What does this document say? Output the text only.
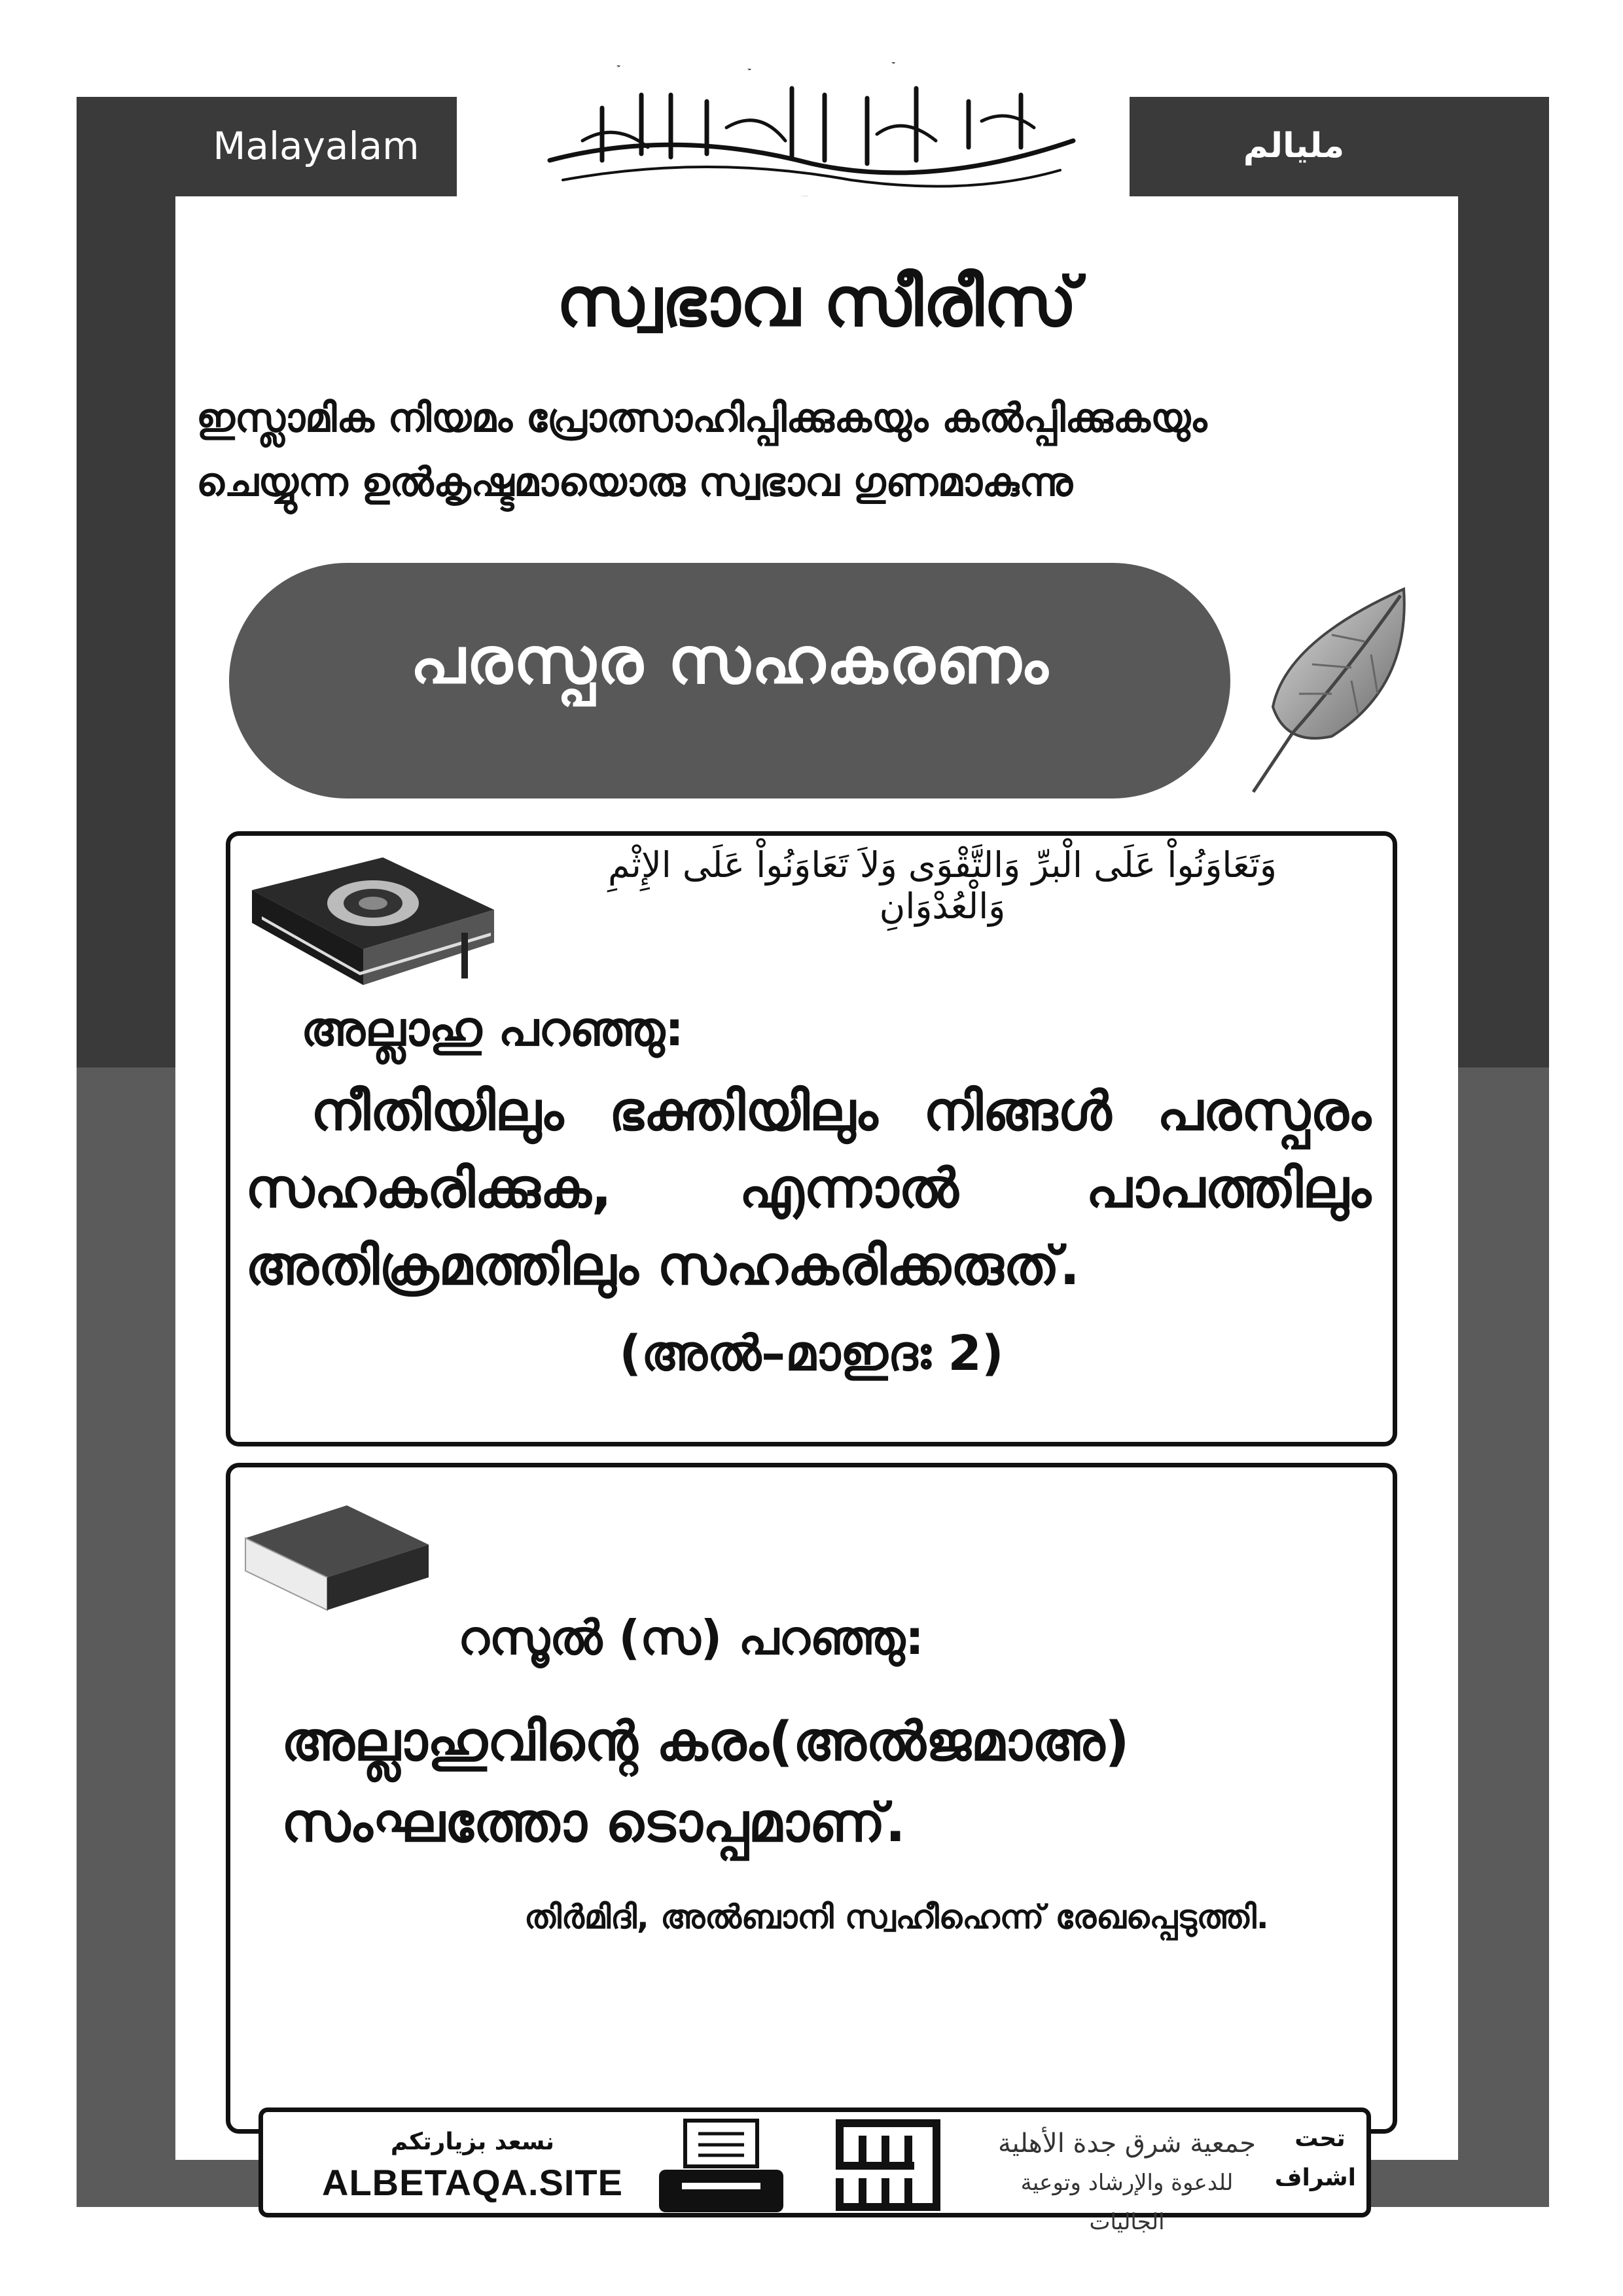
Malayalam	مليالم
بسم الله الرحمن الرحيم
സ്വഭാവ സീരീസ്
ഇസ്ലാമിക നിയമം പ്രോത്സാഹിപ്പിക്കുകയും കൽപ്പിക്കുകയും
ചെയ്യുന്ന ഉൽകൃഷ്ടമായൊരു സ്വഭാവ ഗുണമാകുന്നു
പരസ്പര സഹകരണം
وَتَعَاوَنُواْ عَلَى الْبرِّ وَالتَّقْوَى وَلاَ تَعَاوَنُواْ عَلَى الإِثْمِ وَالْعُدْوَانِ
അല്ലാഹു പറഞ്ഞു:
നീതിയിലും ഭക്തിയിലും നിങ്ങൾ പരസ്പരം സഹകരിക്കുക, എന്നാൽ പാപത്തിലും അതിക്രമത്തിലും സഹകരിക്കരുത്.
(അൽ–മാഇദഃ 2)
റസൂൽ (സ) പറഞ്ഞു:
അല്ലാഹുവിന്റെ കരം(അൽജമാഅ)
സംഘത്തോ ടൊപ്പമാണ്.
തിർമിദി, അൽബാനി സ്വഹീഹെന്ന് രേഖപ്പെടുത്തി.
نسعد بزيارتكم
ALBETAQA.SITE	دعوة الورقة
جمعية شرق جدة الأهلية
للدعوة والإرشاد وتوعية الجاليات
تحت
اشراف
